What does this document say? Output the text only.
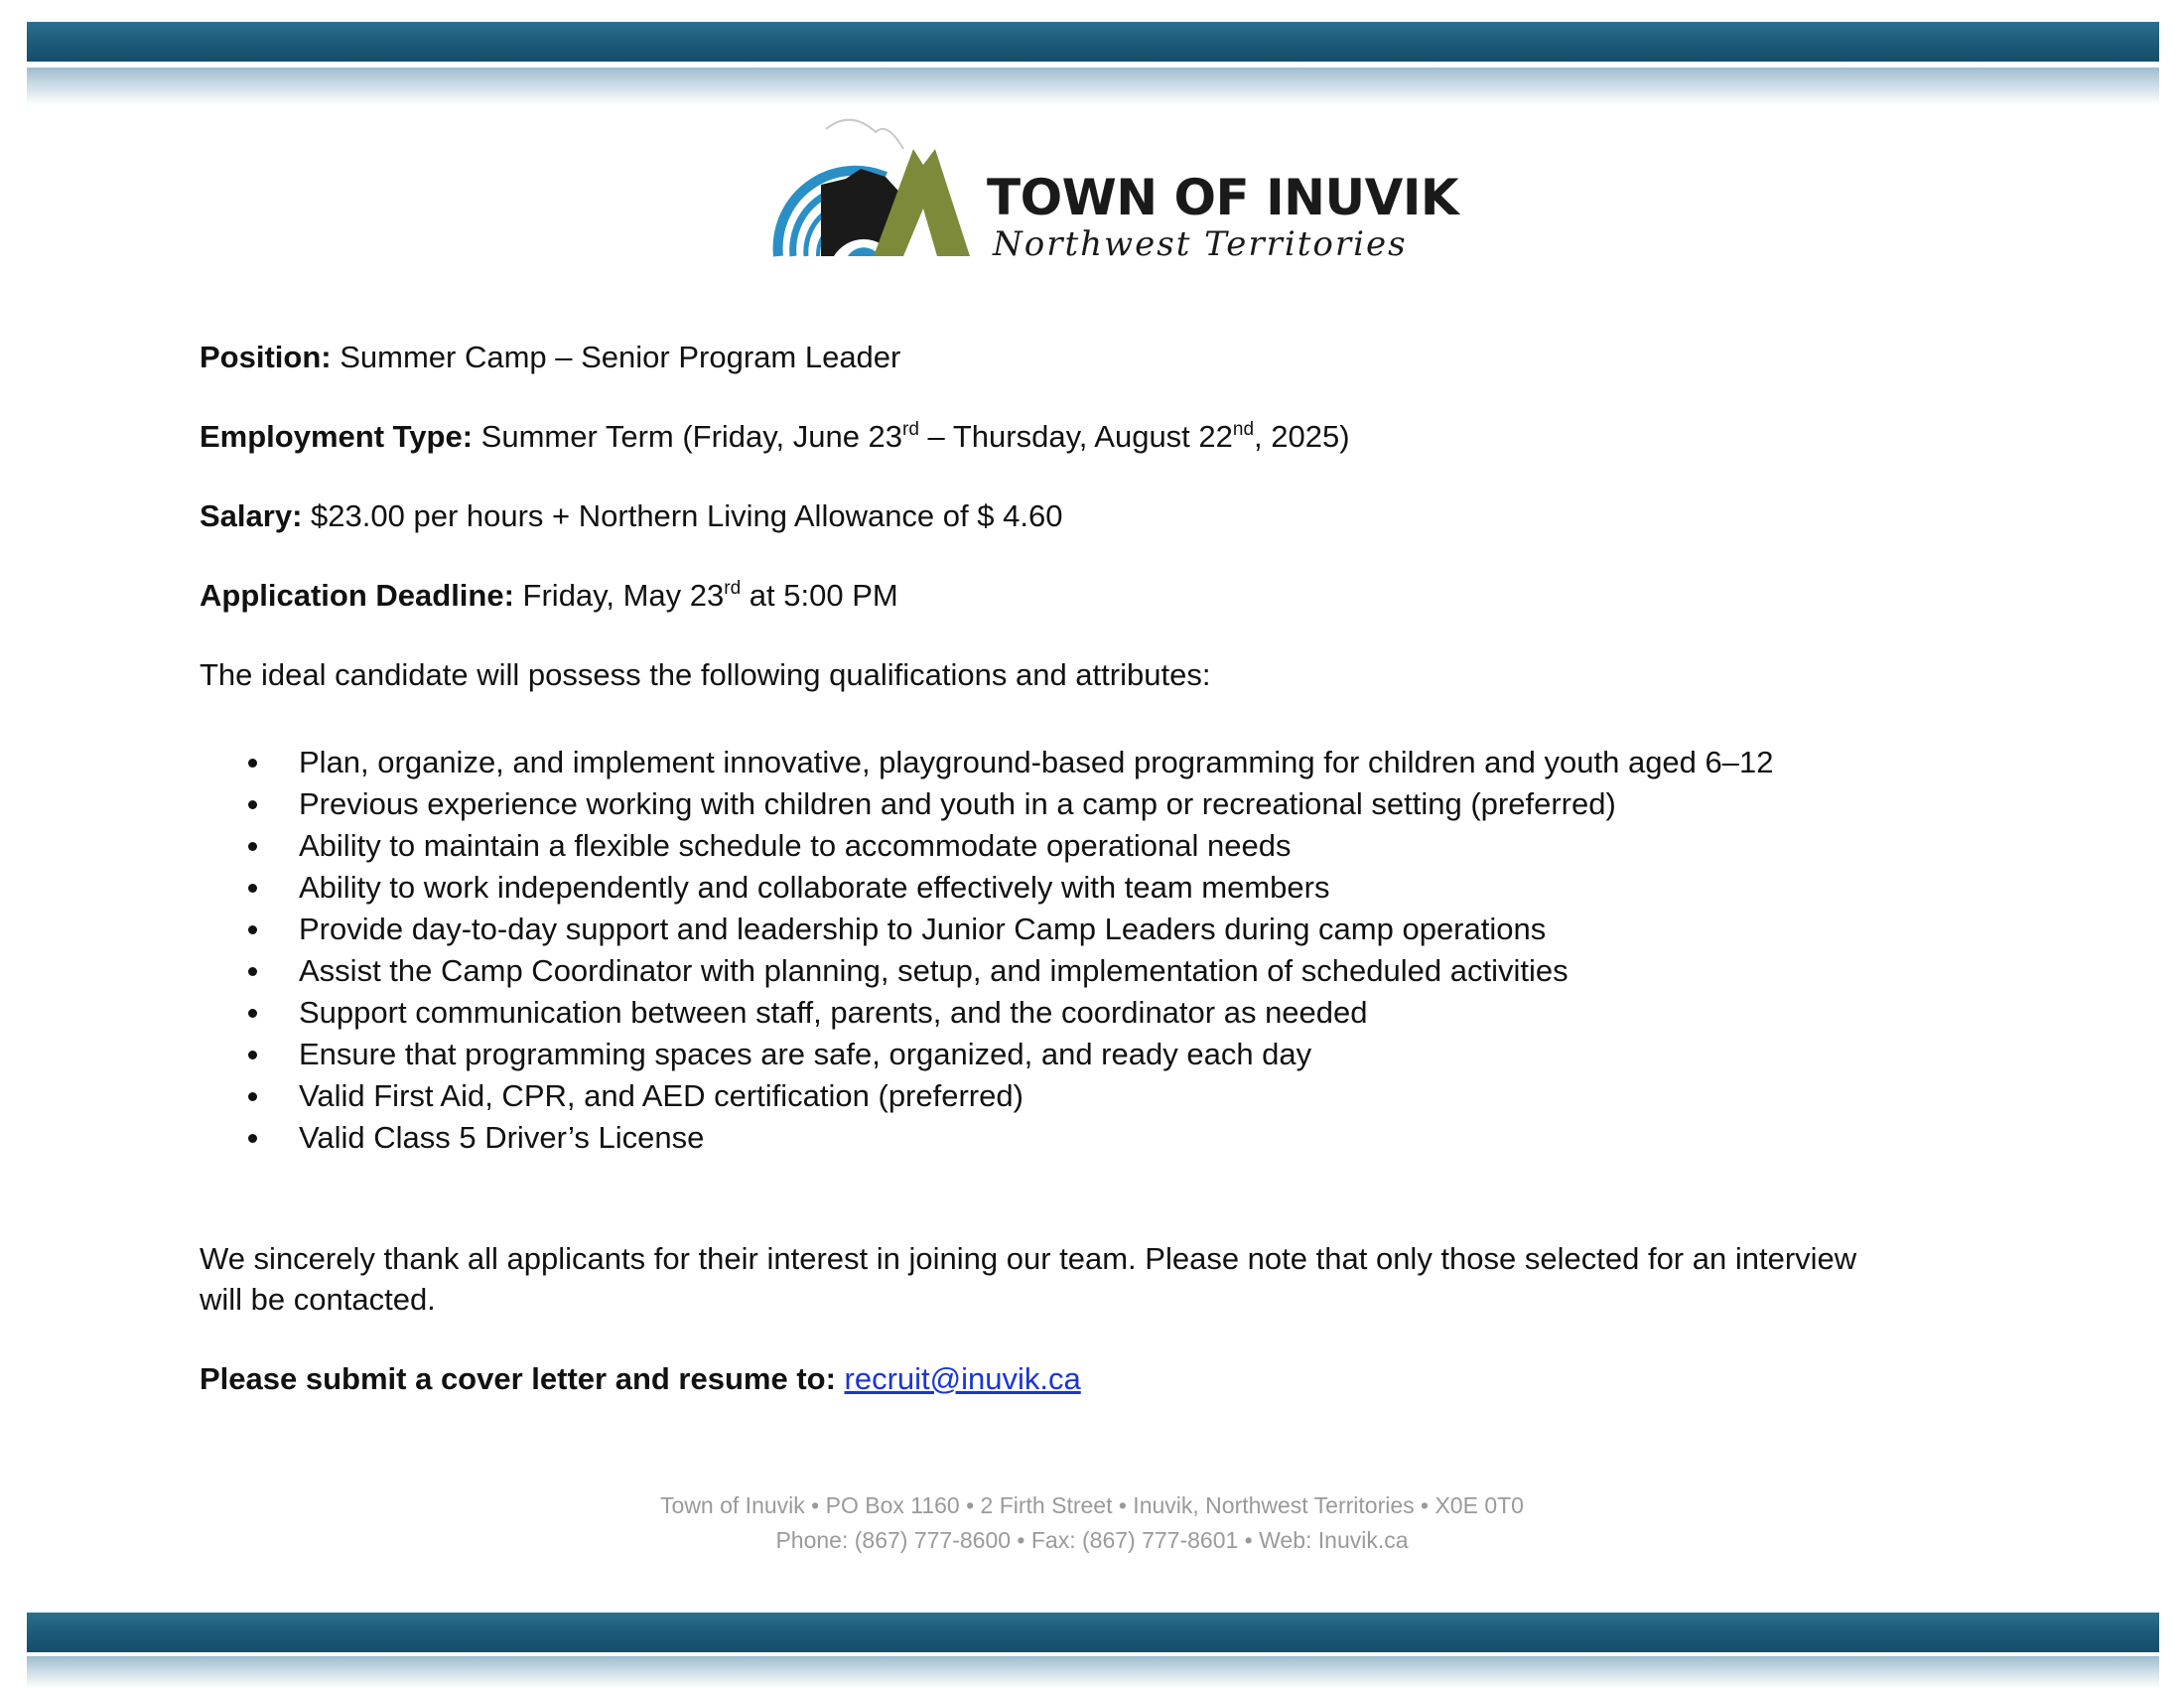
TOWN OF INUVIK
Northwest Territories
Position: Summer Camp – Senior Program Leader
Employment Type: Summer Term (Friday, June 23rd – Thursday, August 22nd, 2025)
Salary: $23.00 per hours + Northern Living Allowance of $ 4.60
Application Deadline: Friday, May 23rd at 5:00 PM
The ideal candidate will possess the following qualifications and attributes:
Plan, organize, and implement innovative, playground-based programming for children and youth aged 6–12
Previous experience working with children and youth in a camp or recreational setting (preferred)
Ability to maintain a flexible schedule to accommodate operational needs
Ability to work independently and collaborate effectively with team members
Provide day-to-day support and leadership to Junior Camp Leaders during camp operations
Assist the Camp Coordinator with planning, setup, and implementation of scheduled activities
Support communication between staff, parents, and the coordinator as needed
Ensure that programming spaces are safe, organized, and ready each day
Valid First Aid, CPR, and AED certification (preferred)
Valid Class 5 Driver’s License
We sincerely thank all applicants for their interest in joining our team. Please note that only those selected for an interview will be contacted.
Please submit a cover letter and resume to: recruit@inuvik.ca
Town of Inuvik • PO Box 1160 • 2 Firth Street • Inuvik, Northwest Territories • X0E 0T0
Phone: (867) 777-8600 • Fax: (867) 777-8601 • Web: Inuvik.ca
